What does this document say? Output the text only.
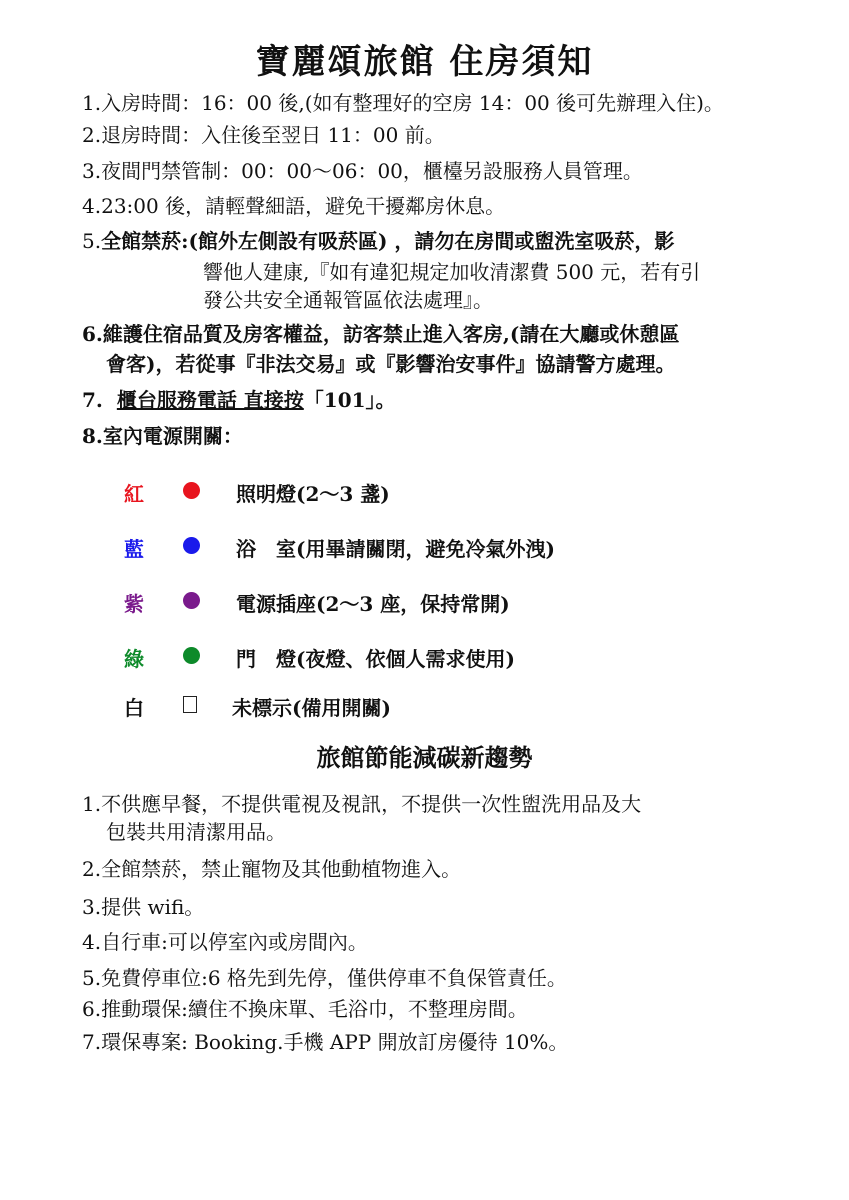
寶麗頌旅館 住房須知
1.入房時間：16：00 後,(如有整理好的空房 14：00 後可先辦理入住)。
2.退房時間：入住後至翌日 11：00 前。
3.夜間門禁管制：00：00～06：00，櫃檯另設服務人員管理。
4.23:00 後，請輕聲細語，避免干擾鄰房休息。
5.全館禁菸:(館外左側設有吸菸區) ，請勿在房間或盥洗室吸菸，影
響他人建康,『如有違犯規定加收清潔費 500 元，若有引
發公共安全通報管區依法處理』。
6.維護住宿品質及房客權益，訪客禁止進入客房,(請在大廳或休憩區
會客)，若從事『非法交易』或『影響治安事件』協請警方處理。
7. 櫃台服務電話 直接按「101」。
8.室內電源開關：
紅	照明燈(2～3 盞)
藍	浴　室(用畢請關閉，避免冷氣外洩)
紫	電源插座(2～3 座，保持常開)
綠	門　燈(夜燈、依個人需求使用)
白	未標示(備用開關)
旅館節能減碳新趨勢
1.不供應早餐，不提供電視及視訊，不提供一次性盥洗用品及大
包裝共用清潔用品。
2.全館禁菸，禁止寵物及其他動植物進入。
3.提供 wifi。
4.自行車:可以停室內或房間內。
5.免費停車位:6 格先到先停，僅供停車不負保管責任。
6.推動環保:續住不換床單、毛浴巾，不整理房間。
7.環保專案: Booking.手機 APP 開放訂房優待 10%。
